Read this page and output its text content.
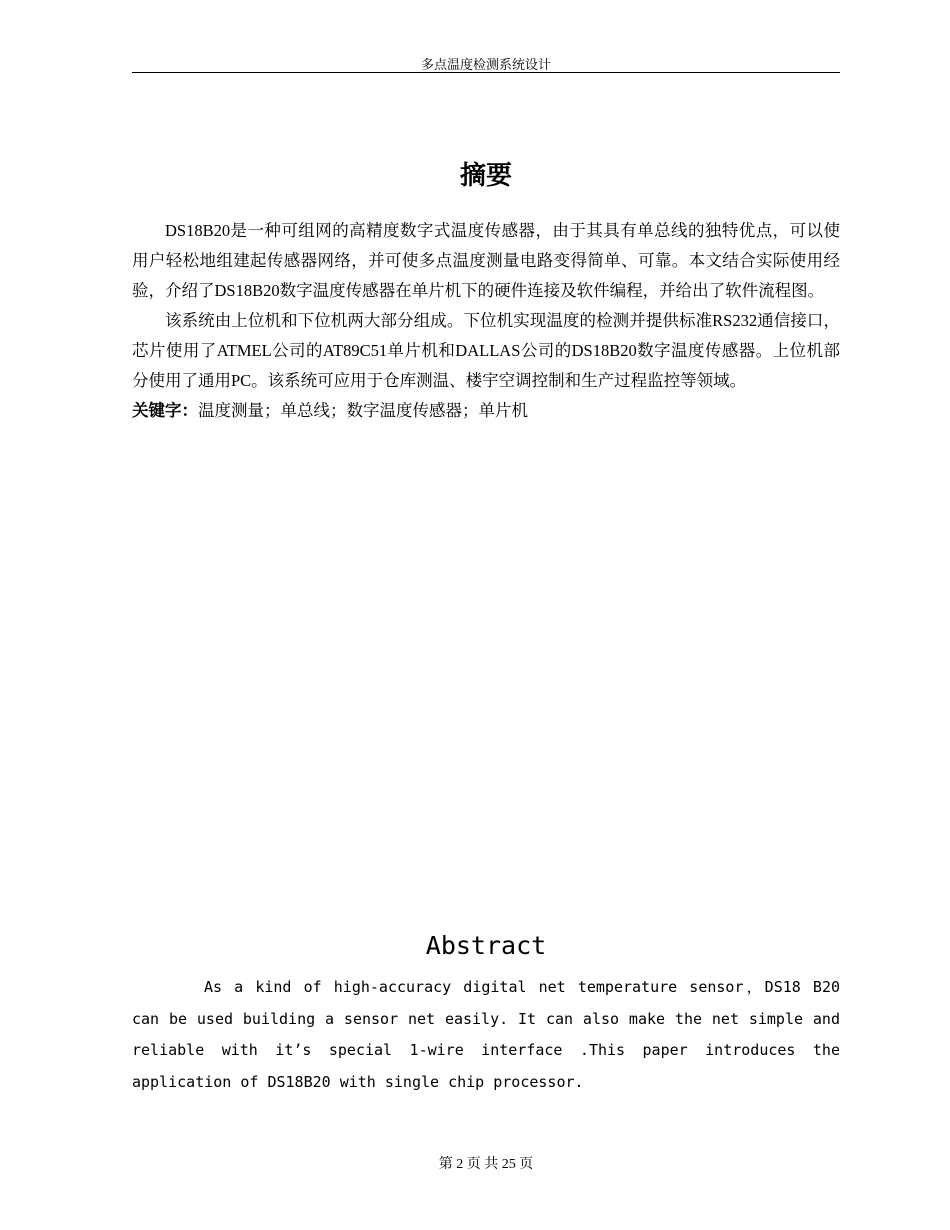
多点温度检测系统设计
摘要

DS18B20是一种可组网的高精度数字式温度传感器，由于其具有单总线的独特优点，可以使用户轻松地组建起传感器网络，并可使多点温度测量电路变得简单、可靠。本文结合实际使用经验，介绍了DS18B20数字温度传感器在单片机下的硬件连接及软件编程，并给出了软件流程图。

该系统由上位机和下位机两大部分组成。下位机实现温度的检测并提供标准RS232通信接口，芯片使用了ATMEL公司的AT89C51单片机和DALLAS公司的DS18B20数字温度传感器。上位机部分使用了通用PC。该系统可应用于仓库测温、楼宇空调控制和生产过程监控等领域。

关键字：温度测量；单总线；数字温度传感器；单片机
Abstract

As a kind of high-accuracy digital net temperature sensor，DS18 B20 can be used building a sensor net easily. It can also make the net simple and reliable with it’s special 1-wire interface .This paper introduces the application of DS18B20 with single chip processor.

第 2 页 共 25 页
